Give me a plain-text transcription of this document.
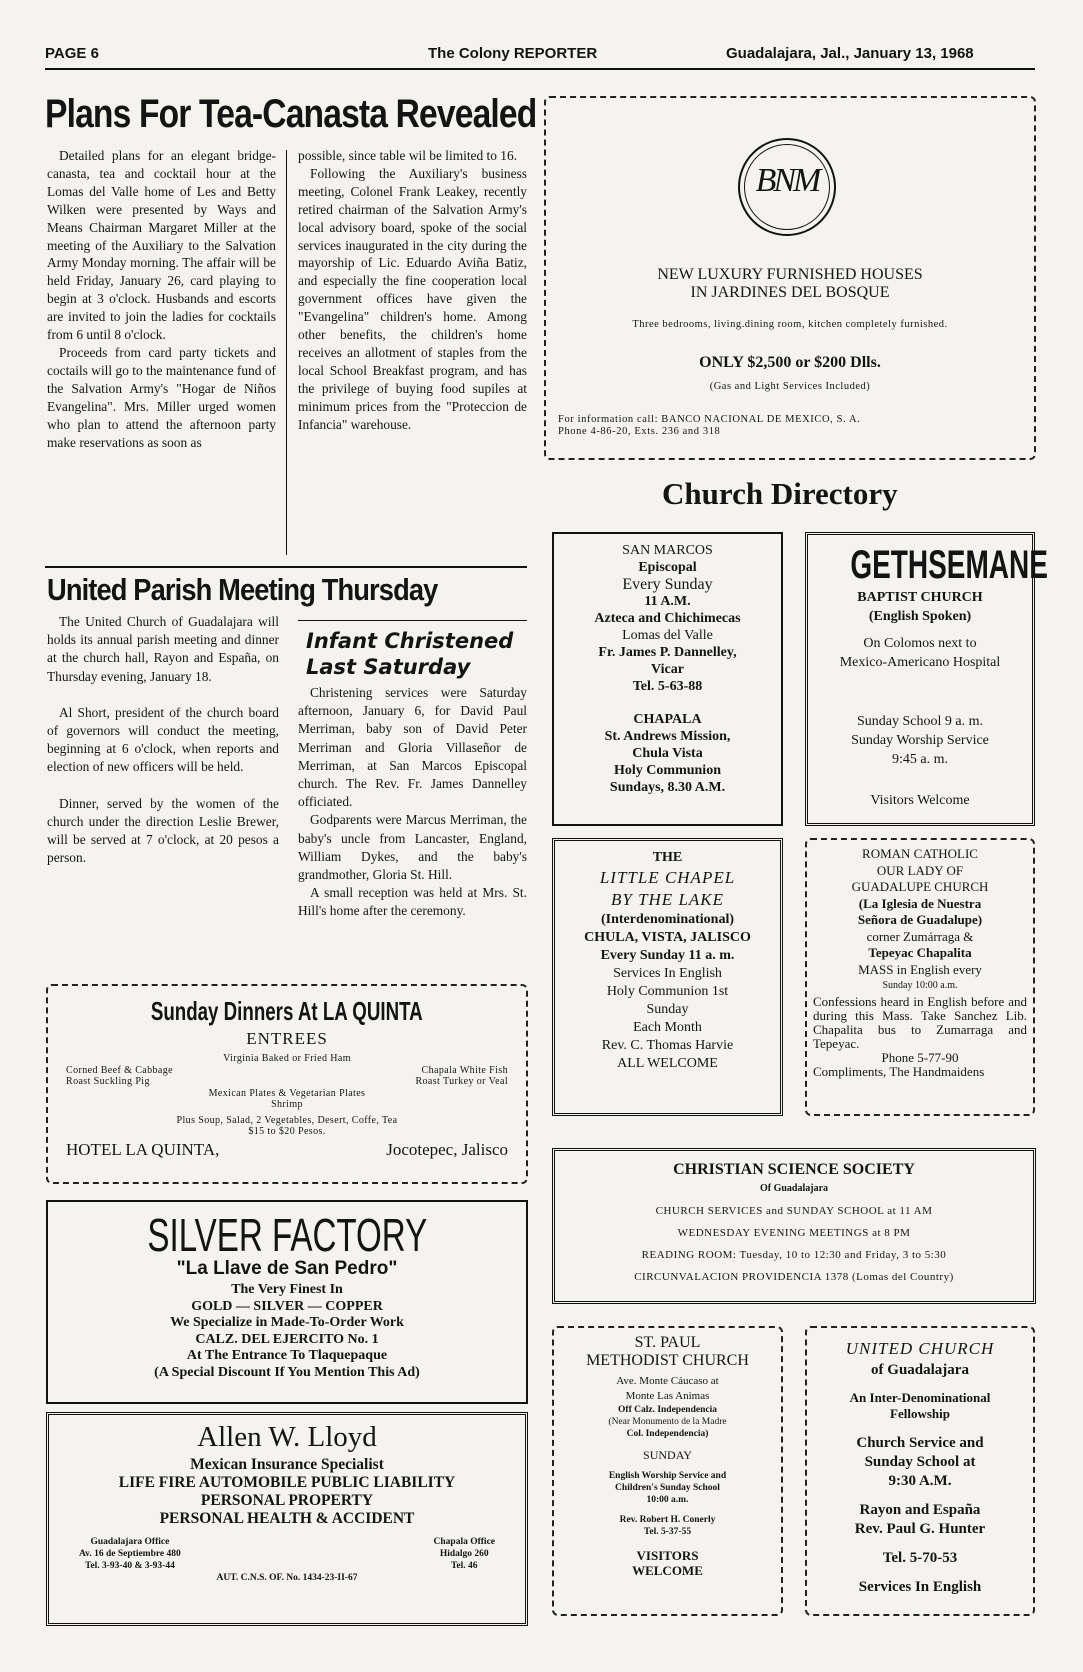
PAGE 6	The Colony REPORTER	Guadalajara, Jal., January 13, 1968
Plans For Tea-Canasta Revealed

Detailed plans for an elegant bridge-canasta, tea and cocktail hour at the Lomas del Valle home of Les and Betty Wilken were presented by Ways and Means Chairman Margaret Miller at the meeting of the Auxiliary to the Salvation Army Monday morning. The affair will be held Friday, January 26, card playing to begin at 3 o'clock. Husbands and escorts are invited to join the ladies for cocktails from 6 until 8 o'clock.

Proceeds from card party tickets and coctails will go to the maintenance fund of the Salvation Army's "Hogar de Niños Evangelina". Mrs. Miller urged women who plan to attend the afternoon party make reservations as soon as

possible, since table wil be limited to 16.

Following the Auxiliary's business meeting, Colonel Frank Leakey, recently retired chairman of the Salvation Army's local advisory board, spoke of the social services inaugurated in the city during the mayorship of Lic. Eduardo Aviña Batiz, and especially the fine cooperation local government offices have given the "Evangelina" children's home. Among other benefits, the children's home receives an allotment of staples from the local School Breakfast program, and has the privilege of buying food supiles at minimum prices from the "Proteccion de Infancia" warehouse.

United Parish Meeting Thursday

The United Church of Guadalajara will holds its annual parish meeting and dinner at the church hall, Rayon and España, on Thursday evening, January 18.

Al Short, president of the church board of governors will conduct the meeting, beginning at 6 o'clock, when reports and election of new officers will be held.

Dinner, served by the women of the church under the direction Leslie Brewer, will be served at 7 o'clock, at 20 pesos a person.

Infant Christened
Last Saturday

Christening services were Saturday afternoon, January 6, for David Paul Merriman, baby son of David Peter Merriman and Gloria Villaseñor de Merriman, at San Marcos Episcopal church. The Rev. Fr. James Dannelley officiated.

Godparents were Marcus Merriman, the baby's uncle from Lancaster, England, William Dykes, and the baby's grandmother, Gloria St. Hill.

A small reception was held at Mrs. St. Hill's home after the ceremony.

BNM
NEW LUXURY FURNISHED HOUSES
IN JARDINES DEL BOSQUE
Three bedrooms, living.dining room, kitchen completely furnished.
ONLY $2,500 or $200 Dlls.
(Gas and Light Services Included)
For information call: BANCO NACIONAL DE MEXICO, S. A.
Phone 4-86-20, Exts. 236 and 318
Church Directory
SAN MARCOS
Episcopal
Every Sunday
11 A.M.
Azteca and Chichimecas
Lomas del Valle
Fr. James P. Dannelley,
Vicar
Tel. 5-63-88
CHAPALA
St. Andrews Mission,
Chula Vista
Holy Communion
Sundays, 8.30 A.M.
GETHSEMANE
BAPTIST CHURCH
(English Spoken)
On Colomos next to
Mexico-Americano Hospital
Sunday School 9 a. m.
Sunday Worship Service
9:45 a. m.
Visitors Welcome
THE
LITTLE CHAPEL
BY THE LAKE
(Interdenominational)
CHULA, VISTA, JALISCO
Every Sunday 11 a. m.
Services In English
Holy Communion 1st
Sunday
Each Month
Rev. C. Thomas Harvie
ALL WELCOME
ROMAN CATHOLIC
OUR LADY OF
GUADALUPE CHURCH
(La Iglesia de Nuestra
Señora de Guadalupe)
corner Zumárraga &
Tepeyac Chapalita
MASS in English every
Sunday 10:00 a.m.
Confessions heard in English before and during this Mass. Take Sanchez Lib. Chapalita bus to Zumarraga and Tepeyac.
Phone 5-77-90
Compliments, The Handmaidens
CHRISTIAN SCIENCE SOCIETY
Of Guadalajara
CHURCH SERVICES and SUNDAY SCHOOL at 11 AM
WEDNESDAY EVENING MEETINGS at 8 PM
READING ROOM: Tuesday, 10 to 12:30 and Friday, 3 to 5:30
CIRCUNVALACION PROVIDENCIA 1378 (Lomas del Country)
ST. PAUL
METHODIST CHURCH
Ave. Monte Cáucaso at
Monte Las Animas
Off Calz. Independencia
(Near Monumento de la Madre
Col. Independencia)
SUNDAY
English Worship Service and
Children's Sunday School
10:00 a.m.
Rev. Robert H. Conerly
Tel. 5-37-55
VISITORS
WELCOME
UNITED CHURCH
of Guadalajara
An Inter-Denominational
Fellowship
Church Service and
Sunday School at
9:30 A.M.
Rayon and España
Rev. Paul G. Hunter
Tel. 5-70-53
Services In English
Sunday Dinners At LA QUINTA
ENTREES
Virginia Baked or Fried Ham
Corned Beef & Cabbage	Chapala White Fish
Roast Suckling Pig	Roast Turkey or Veal
Mexican Plates & Vegetarian Plates
Shrimp
Plus Soup, Salad, 2 Vegetables, Desert, Coffe, Tea
$15 to $20 Pesos.
HOTEL LA QUINTA,	Jocotepec, Jalisco
SILVER FACTORY
"La Llave de San Pedro"
The Very Finest In
GOLD — SILVER — COPPER
We Specialize in Made-To-Order Work
CALZ. DEL EJERCITO No. 1
At The Entrance To Tlaquepaque
(A Special Discount If You Mention This Ad)
Allen W. Lloyd
Mexican Insurance Specialist
LIFE FIRE AUTOMOBILE PUBLIC LIABILITY
PERSONAL PROPERTY
PERSONAL HEALTH & ACCIDENT
Guadalajara Office
Av. 16 de Septiembre 480
Tel. 3-93-40 & 3-93-44
Chapala Office
Hidalgo 260
Tel. 46
AUT. C.N.S. OF. No. 1434-23-II-67
